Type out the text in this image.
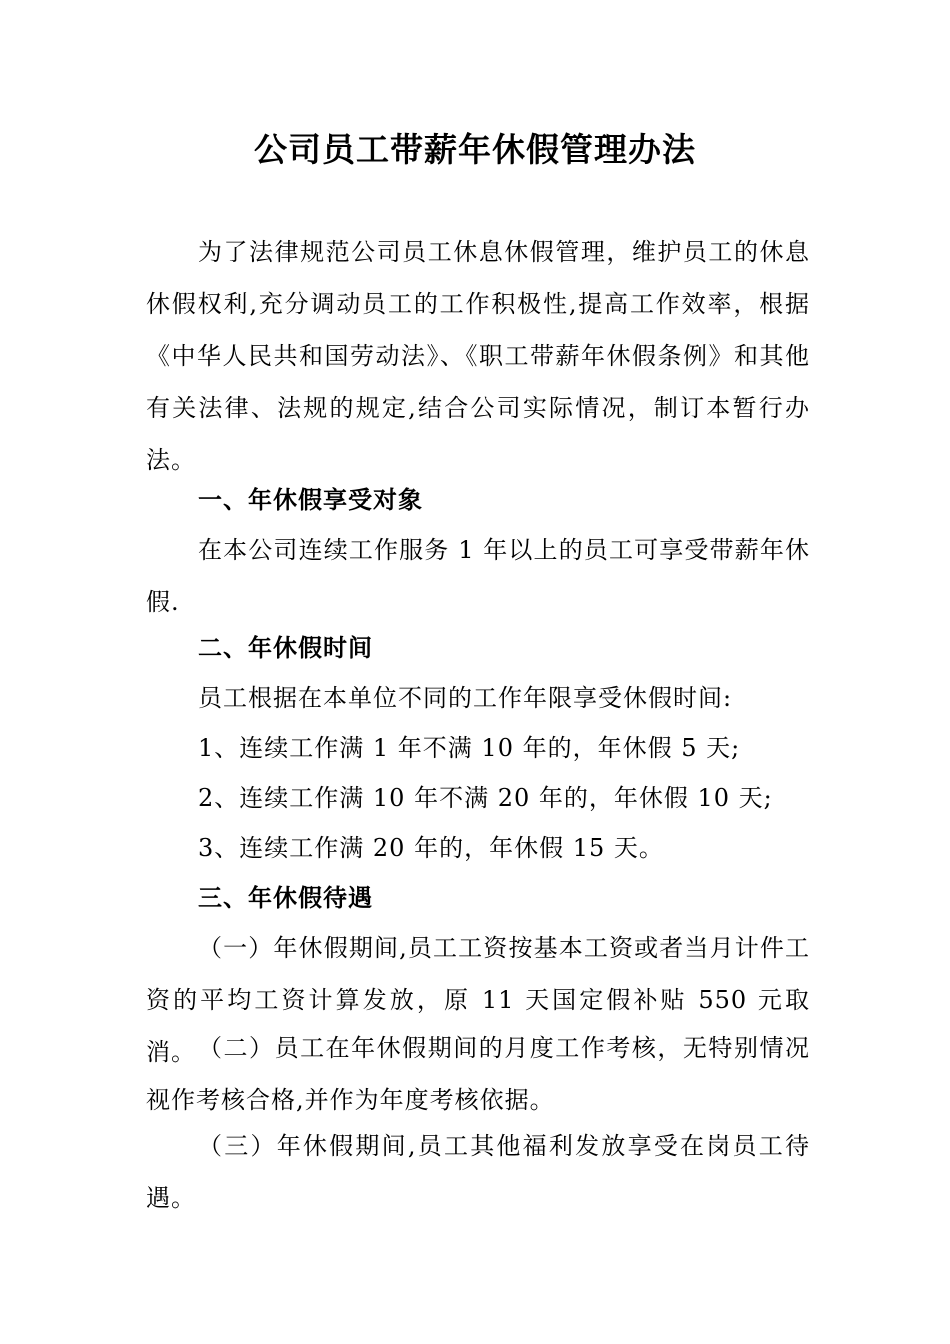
公司员工带薪年休假管理办法
为了法律规范公司员工休息休假管理，维护员工的休息休假权利,充分调动员工的工作积极性,提高工作效率，根据《中华人民共和国劳动法》、《职工带薪年休假条例》和其他有关法律、法规的规定,结合公司实际情况，制订本暂行办法。
一、年休假享受对象
在本公司连续工作服务 1 年以上的员工可享受带薪年休假.
二、年休假时间
员工根据在本单位不同的工作年限享受休假时间:
1、连续工作满 1 年不满 10 年的，年休假 5 天;
2、连续工作满 10 年不满 20 年的，年休假 10 天;
3、连续工作满 20 年的，年休假 15 天。
三、年休假待遇
（一）年休假期间,员工工资按基本工资或者当月计件工资的平均工资计算发放，原 11 天国定假补贴 550 元取消。 （二）员工在年休假期间的月度工作考核，无特别情况视作考核合格,并作为年度考核依据。
（三）年休假期间,员工其他福利发放享受在岗员工待遇。
